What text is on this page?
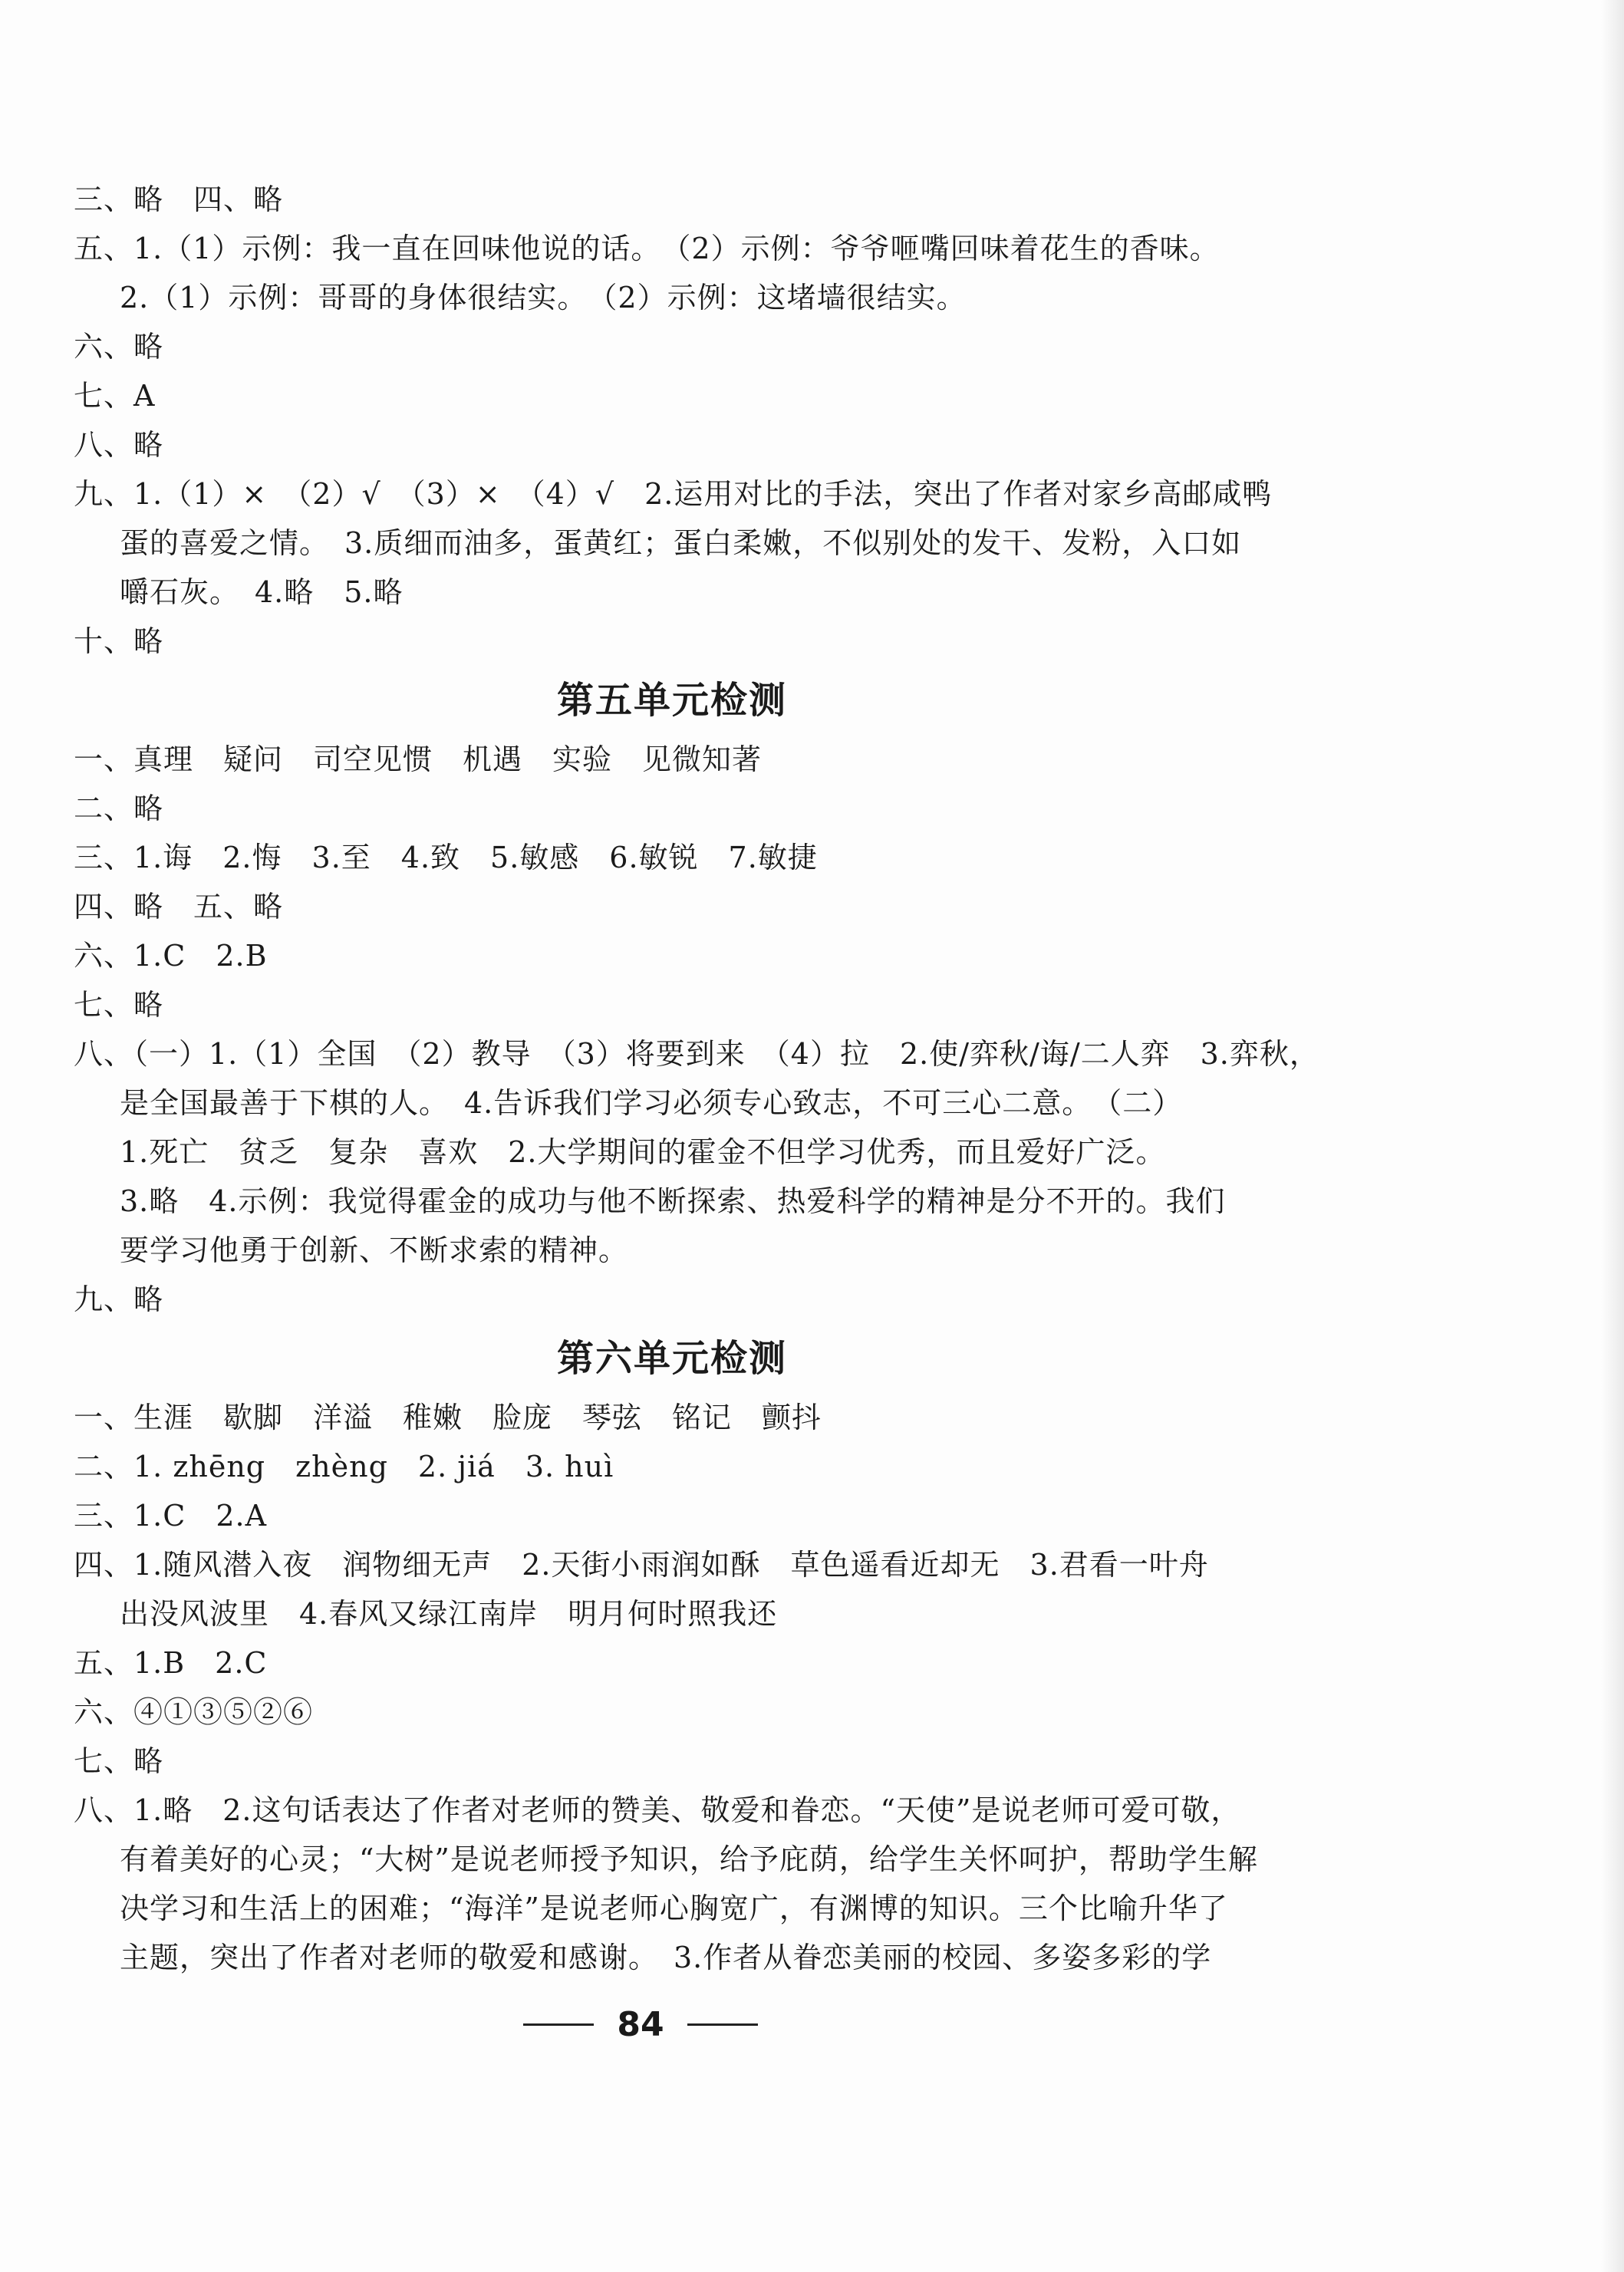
三、略　四、略
五、1.（1）示例：我一直在回味他说的话。　（2）示例：爷爷咂嘴回味着花生的香味。
2.（1）示例：哥哥的身体很结实。　（2）示例：这堵墙很结实。
六、略
七、A
八、略
九、1.（1）×　（2）√　（3）×　（4）√　2.运用对比的手法，突出了作者对家乡高邮咸鸭
蛋的喜爱之情。　3.质细而油多，蛋黄红；蛋白柔嫩，不似别处的发干、发粉，入口如
嚼石灰。　4.略　5.略
十、略
第五单元检测
一、真理　疑问　司空见惯　机遇　实验　见微知著
二、略
三、1.诲　2.悔　3.至　4.致　5.敏感　6.敏锐　7.敏捷
四、略　五、略
六、1.C　2.B
七、略
八、（一）1.（1）全国　（2）教导　（3）将要到来　（4）拉　2.使/弈秋/诲/二人弈　3.弈秋，
是全国最善于下棋的人。　4.告诉我们学习必须专心致志，不可三心二意。　（二）
1.死亡　贫乏　复杂　喜欢　2.大学期间的霍金不但学习优秀，而且爱好广泛。
3.略　4.示例：我觉得霍金的成功与他不断探索、热爱科学的精神是分不开的。我们
要学习他勇于创新、不断求索的精神。
九、略
第六单元检测
一、生涯　歇脚　洋溢　稚嫩　脸庞　琴弦　铭记　颤抖
二、1. zhēng　zhèng　2. jiá　3. huì
三、1.C　2.A
四、1.随风潜入夜　润物细无声　2.天街小雨润如酥　草色遥看近却无　3.君看一叶舟
出没风波里　4.春风又绿江南岸　明月何时照我还
五、1.B　2.C
六、④①③⑤②⑥
七、略
八、1.略　2.这句话表达了作者对老师的赞美、敬爱和眷恋。“天使”是说老师可爱可敬，
有着美好的心灵；“大树”是说老师授予知识，给予庇荫，给学生关怀呵护，帮助学生解
决学习和生活上的困难；“海洋”是说老师心胸宽广，有渊博的知识。三个比喻升华了
主题，突出了作者对老师的敬爱和感谢。　3.作者从眷恋美丽的校园、多姿多彩的学
84
